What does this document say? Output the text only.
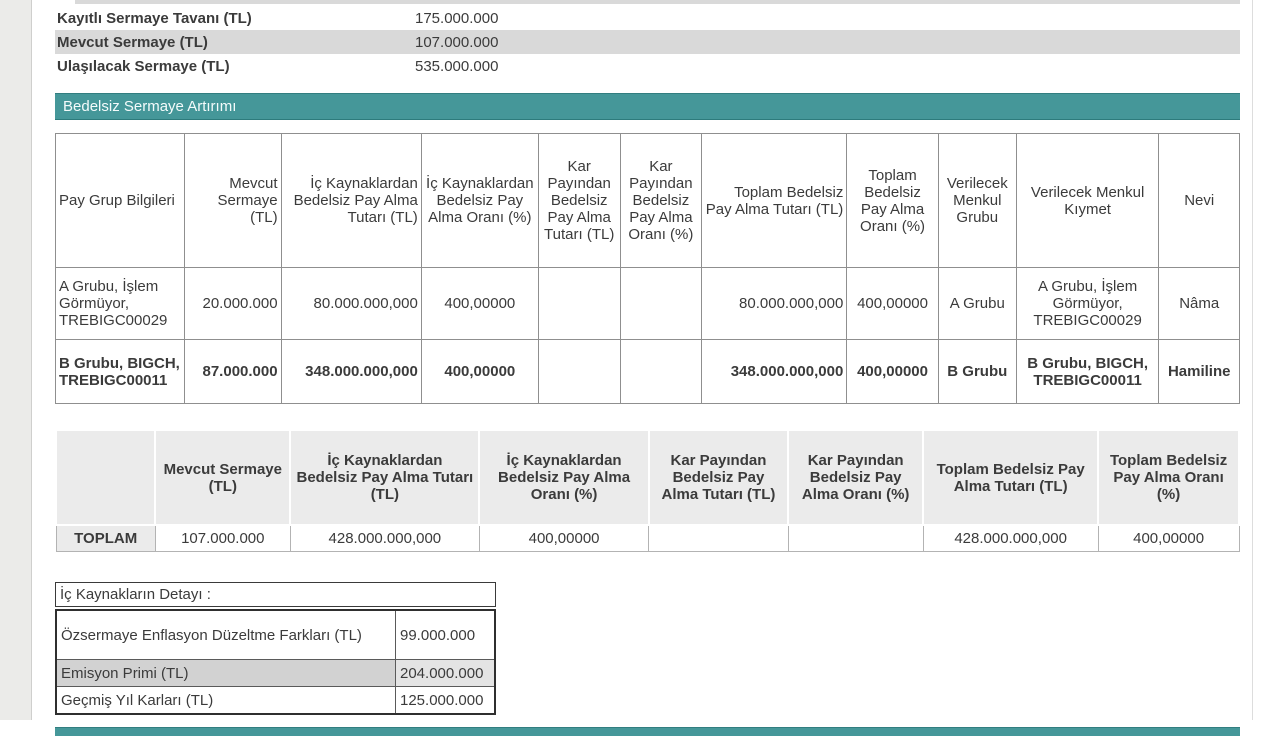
Kayıtlı Sermaye Tavanı (TL)	175.000.000
Mevcut Sermaye (TL)	107.000.000
Ulaşılacak Sermaye (TL)	535.000.000
Bedelsiz Sermaye Artırımı
Pay Grup Bilgileri	Mevcut Sermaye (TL)	İç Kaynaklardan Bedelsiz Pay Alma Tutarı (TL)	İç Kaynaklardan Bedelsiz Pay Alma Oranı (%)	Kar Payından Bedelsiz Pay Alma Tutarı (TL)	Kar Payından Bedelsiz Pay Alma Oranı (%)	Toplam Bedelsiz Pay Alma Tutarı (TL)	Toplam Bedelsiz Pay Alma Oranı (%)	Verilecek Menkul Grubu	Verilecek Menkul Kıymet	Nevi
A Grubu, İşlem Görmüyor, TREBIGC00029	20.000.000	80.000.000,000	400,00000			80.000.000,000	400,00000	A Grubu	A Grubu, İşlem Görmüyor, TREBIGC00029	Nâma
B Grubu, BIGCH, TREBIGC00011	87.000.000	348.000.000,000	400,00000			348.000.000,000	400,00000	B Grubu	B Grubu, BIGCH, TREBIGC00011	Hamiline
	Mevcut Sermaye (TL)	İç Kaynaklardan Bedelsiz Pay Alma Tutarı (TL)	İç Kaynaklardan Bedelsiz Pay Alma Oranı (%)	Kar Payından Bedelsiz Pay Alma Tutarı (TL)	Kar Payından Bedelsiz Pay Alma Oranı (%)	Toplam Bedelsiz Pay Alma Tutarı (TL)	Toplam Bedelsiz Pay Alma Oranı (%)
TOPLAM	107.000.000	428.000.000,000	400,00000			428.000.000,000	400,00000
İç Kaynakların Detayı :
Özsermaye Enflasyon Düzeltme Farkları (TL)	99.000.000
Emisyon Primi (TL)	204.000.000
Geçmiş Yıl Karları (TL)	125.000.000
